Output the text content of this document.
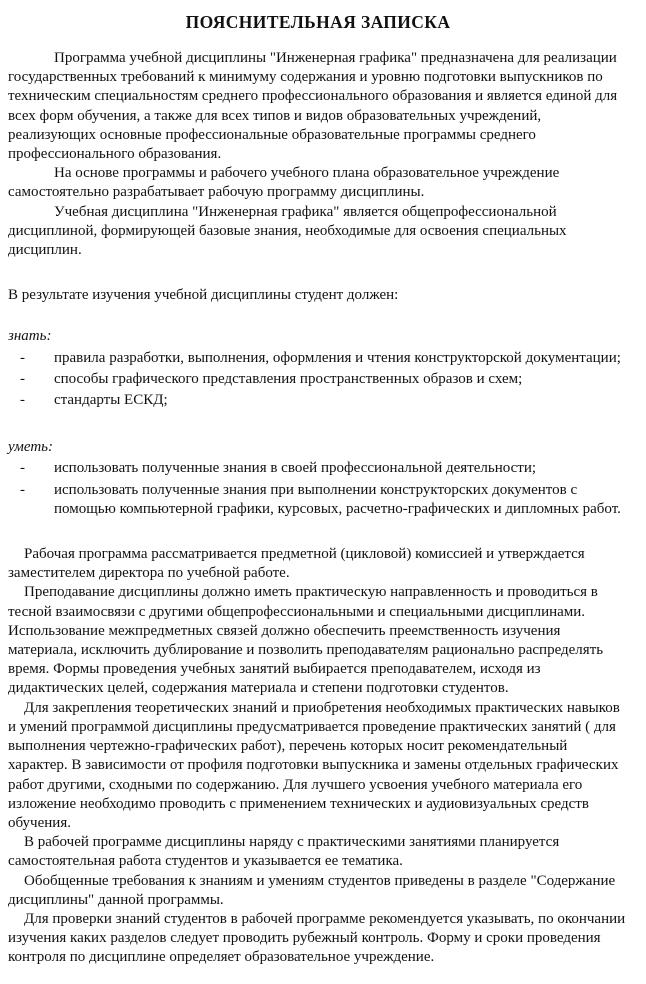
ПОЯСНИТЕЛЬНАЯ ЗАПИСКА

Программа учебной дисциплины "Инженерная графика" предназначена для реализации государственных требований к минимуму содержания и уровню подготовки выпускников по техническим специальностям среднего профессионального образования и является единой для всех форм обучения, а также для всех типов и видов образовательных учреждений, реализующих основные профессиональные образовательные программы среднего профессионального образования.

На основе программы и рабочего учебного плана образовательное учреждение самостоятельно разрабатывает рабочую программу дисциплины.

Учебная дисциплина "Инженерная графика" является общепрофессиональной дисциплиной, формирующей базовые знания, необходимые для освоения специальных дисциплин.

В результате изучения учебной дисциплины студент должен:

знать:

- правила разработки, выполнения, оформления и чтения конструкторской документации;
- способы графического представления пространственных образов и схем;
- стандарты ЕСКД;

уметь:

- использовать полученные знания в своей профессиональной деятельности;
- использовать полученные знания при выполнении конструкторских документов с помощью компьютерной графики, курсовых, расчетно-графических и дипломных работ.

Рабочая программа рассматривается предметной (цикловой) комиссией и утверждается заместителем директора по учебной работе.

Преподавание дисциплины должно иметь практическую направленность и проводиться в тесной взаимосвязи с другими общепрофессиональными и специальными дисциплинами. Использование межпредметных связей должно обеспечить преемственность изучения материала, исключить дублирование и позволить преподавателям рационально распределять время. Формы проведения учебных занятий выбирается преподавателем, исходя из дидактических целей, содержания материала и степени подготовки студентов.

Для закрепления теоретических знаний и приобретения необходимых практических навыков и умений программой дисциплины предусматривается проведение практических занятий ( для выполнения чертежно-графических работ), перечень которых носит рекомендательный характер. В зависимости от профиля подготовки выпускника и замены отдельных графических работ другими, сходными по содержанию. Для лучшего усвоения учебного материала его изложение необходимо проводить с применением технических и аудиовизуальных средств обучения.

В рабочей программе дисциплины наряду с практическими занятиями планируется самостоятельная работа студентов и указывается ее тематика.

Обобщенные требования к знаниям и умениям студентов приведены в разделе "Содержание дисциплины" данной программы.

Для проверки знаний студентов в рабочей программе рекомендуется указывать, по окончании изучения каких разделов следует проводить рубежный контроль. Форму и сроки проведения контроля по дисциплине определяет образовательное учреждение.
